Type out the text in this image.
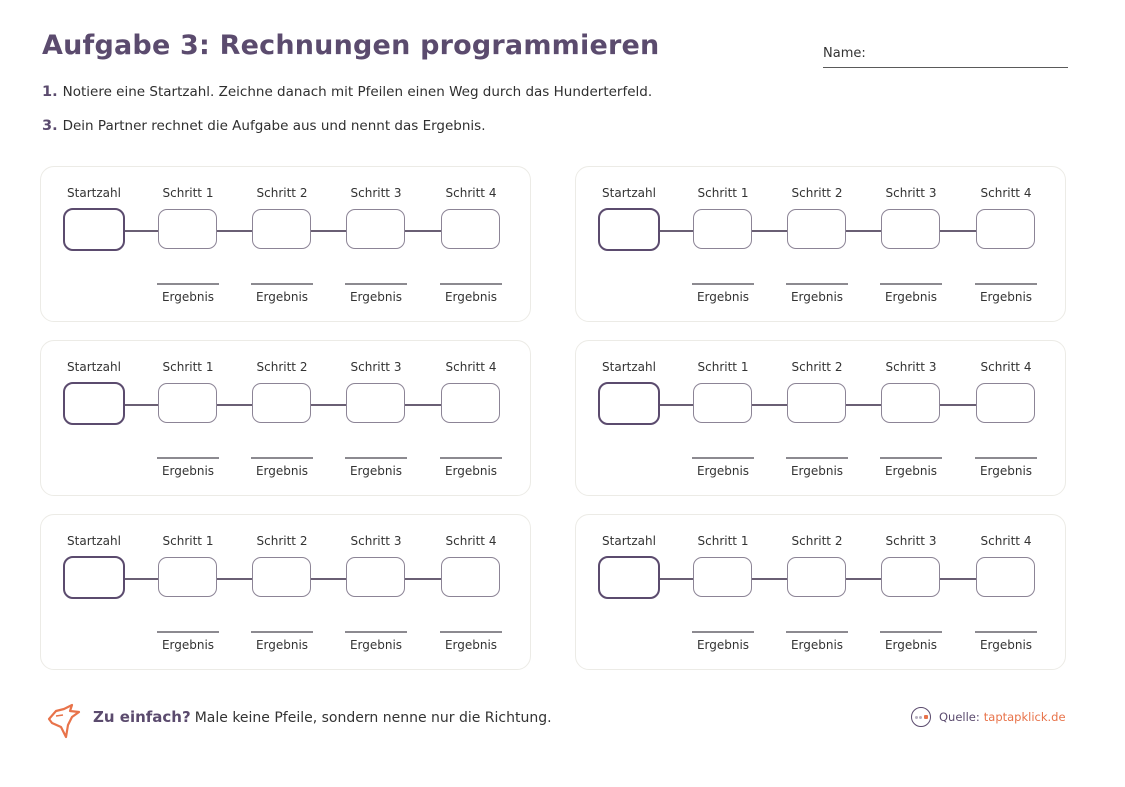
Aufgabe 3: Rechnungen programmieren	Name:
1. Notiere eine Startzahl. Zeichne danach mit Pfeilen einen Weg durch das Hunderterfeld.
3. Dein Partner rechnet die Aufgabe aus und nennt das Ergebnis.
Startzahl	Schritt 1
Ergebnis
Schritt 2
Ergebnis
Schritt 3
Ergebnis
Schritt 4
Ergebnis
Startzahl	Schritt 1
Ergebnis
Schritt 2
Ergebnis
Schritt 3
Ergebnis
Schritt 4
Ergebnis
Startzahl	Schritt 1
Ergebnis
Schritt 2
Ergebnis
Schritt 3
Ergebnis
Schritt 4
Ergebnis
Startzahl	Schritt 1
Ergebnis
Schritt 2
Ergebnis
Schritt 3
Ergebnis
Schritt 4
Ergebnis
Startzahl	Schritt 1
Ergebnis
Schritt 2
Ergebnis
Schritt 3
Ergebnis
Schritt 4
Ergebnis
Startzahl	Schritt 1
Ergebnis
Schritt 2
Ergebnis
Schritt 3
Ergebnis
Schritt 4
Ergebnis
Zu einfach? Male keine Pfeile, sondern nenne nur die Richtung.	Quelle: taptapklick.de
